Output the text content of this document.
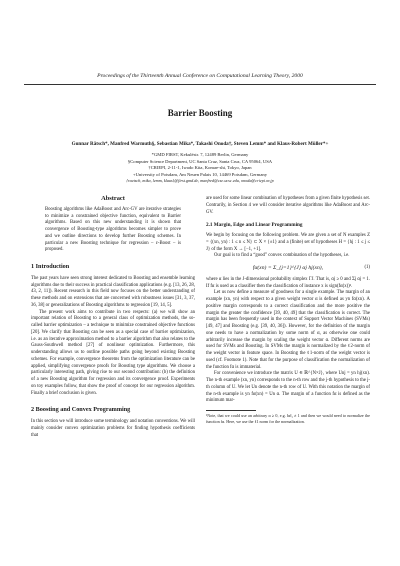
Proceedings of the Thirteenth Annual Conference on Computational Learning Theory, 2000
Barrier Boosting
Gunnar Rätsch*, Manfred Warmuth§, Sebastian Mika*, Takashi Onoda†, Steven Lemm* and Klaus-Robert Müller*+
*GMD FIRST, Kekuléstr. 7, 12489 Berlin, Germany
§Computer Science Department, UC Santa Cruz, Santa Cruz, CA 95064, USA
†CRIEPI, 2-11-1, Iwado Kita, Komae-shi, Tokyo, Japan
+University of Potsdam, Am Neuen Palais 10, 14469 Potsdam, Germany
{raetsch, mika, lemm, klaus}@first.gmd.de, manfred@cse.ucsc.edu, onoda@criepi.or.jp
Abstract

Boosting algorithms like AdaBoost and Arc-GV are iterative strategies to minimize a constrained objective function, equivalent to Barrier algorithms. Based on this new understanding it is shown that convergence of Boosting-type algorithms becomes simpler to prove and we outline directions to develop further Boosting schemes. In particular a new Boosting technique for regression – ε-Boost – is proposed.

1 Introduction

The past years have seen strong interest dedicated to Boosting and ensemble learning algorithms due to their success in practical classification applications (e.g. [13, 26, 28, 43, 2, 11]). Recent research in this field now focuses on the better understanding of these methods and on extensions that are concerned with robustness issues [31, 3, 37, 36, 38] or generalizations of Boosting algorithms to regression [19, 14, 5].

The present work aims to contribute in two respects: (a) we will show an important relation of Boosting to a general class of optimization methods, the so-called barrier optimization – a technique to minimize constrained objective functions [20]. We clarify that Boosting can be seen as a special case of barrier optimization, i.e. as an iterative approximation method to a barrier algorithm that also relates to the Gauss-Southwell method [27] of nonlinear optimization. Furthermore, this understanding allows us to outline possible paths going beyond existing Boosting schemes. For example, convergence theorems from the optimization literature can be applied, simplifying convergence proofs for Boosting type algorithms. We choose a particularly interesting path, giving rise to our second contribution: (b) the definition of a new Boosting algorithm for regression and its convergence proof. Experiments on toy examples follow, that show the proof of concept for our regression algorithm. Finally a brief conclusion is given.

2 Boosting and Convex Programming

In this section we will introduce some terminology and notation conventions. We will mainly consider convex optimization problems for finding hypothesis coefficients that

are used for some linear combination of hypotheses from a given finite hypothesis set. Contrarily, in Section 4 we will consider iterative algorithms like AdaBoost and Arc-GV.

2.1 Margin, Edge and Linear Programming

We begin by focusing on the following problem. We are given a set of N examples Z = {(xn, yn) : 1 ≤ n ≤ N} ⊂ X × {±1} and a (finite) set of hypotheses H = {hj : 1 ≤ j ≤ J} of the form X → [−1, +1].

Our goal is to find a “good” convex combination of the hypotheses, i.e.

fα(xn) = Σ_{j=1}^{J} αj hj(xn),	(1)

where α lies in the J-dimensional probability simplex ΓJ. That is, αj ≥ 0 and Σj αj = 1. If fα is used as a classifier then the classification of instance x is sign(fα(x))¹.

Let us now define a measure of goodness for a single example. The margin of an example (xn, yn) with respect to a given weight vector α is defined as yn fα(xn). A positive margin corresponds to a correct classification and the more positive the margin the greater the confidence [39, 40, 49] that the classification is correct. The margin has been frequently used in the context of Support Vector Machines (SVMs) [49, 47] and Boosting (e.g. [39, 40, 36]). However, for the definition of the margin one needs to have a normalization by some norm of α, as otherwise one could arbitrarily increase the margin by scaling the weight vector α. Different norms are used for SVMs and Boosting. In SVMs the margin is normalized by the ℓ2-norm of the weight vector in feature space. In Boosting the ℓ1-norm of the weight vector is used (cf. Footnote 1). Note that for the purpose of classification the normalization of the function fα is immaterial.

For convenience we introduce the matrix U ∈ ℝ^{N×J}, where Unj = yn hj(xn). The n-th example (xn, yn) corresponds to the n-th row and the j-th hypothesis to the j-th column of U. We let Un denote the n-th row of U. With this notation the margin of the n-th example is yn fα(xn) = Un α. The margin of a function fα is defined as the minimum mar-

¹Note, that we could use an arbitrary α ≥ 0, e.g. ‖α‖₁ ≠ 1 and then we would need to normalize the function fα. Here, we use the ℓ1 norm for the normalization.
